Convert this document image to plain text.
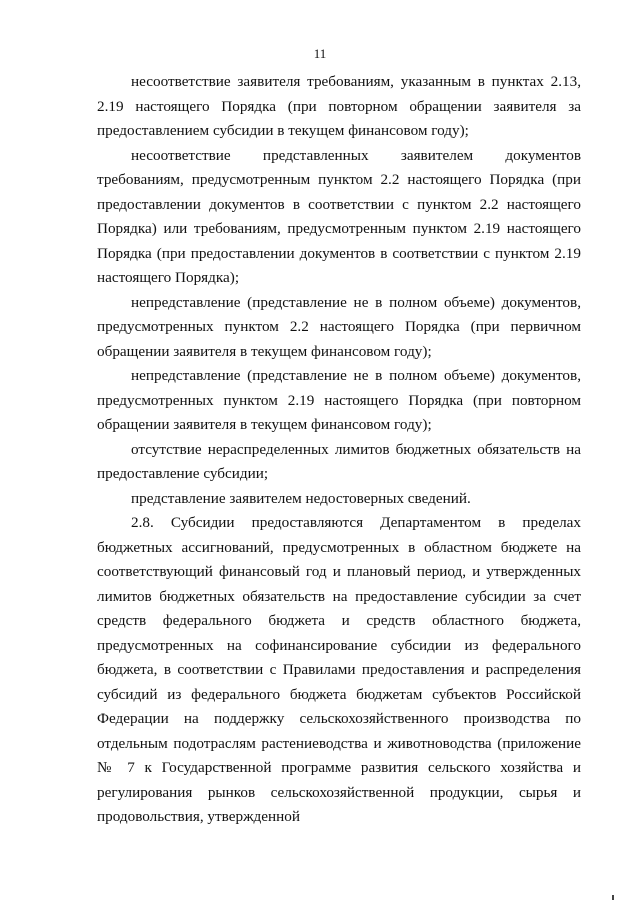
11

несоответствие заявителя требованиям, указанным в пунктах 2.13, 2.19 настоящего Порядка (при повторном обращении заявителя за предоставлением субсидии в текущем финансовом году);

несоответствие представленных заявителем документов требованиям, предусмотренным пунктом 2.2 настоящего Порядка (при предоставлении документов в соответствии с пунктом 2.2 настоящего Порядка) или требованиям, предусмотренным пунктом 2.19 настоящего Порядка (при предоставлении документов в соответствии с пунктом 2.19 настоящего Порядка);

непредставление (представление не в полном объеме) документов, предусмотренных пунктом 2.2 настоящего Порядка (при первичном обращении заявителя в текущем финансовом году);

непредставление (представление не в полном объеме) документов, предусмотренных пунктом 2.19 настоящего Порядка (при повторном обращении заявителя в текущем финансовом году);

отсутствие нераспределенных лимитов бюджетных обязательств на предоставление субсидии;

представление заявителем недостоверных сведений.

2.8. Субсидии предоставляются Департаментом в пределах бюджетных ассигнований, предусмотренных в областном бюджете на соответствующий финансовый год и плановый период, и утвержденных лимитов бюджетных обязательств на предоставление субсидии за счет средств федерального бюджета и средств областного бюджета, предусмотренных на софинансирование субсидии из федерального бюджета, в соответствии с Правилами предоставления и распределения субсидий из федерального бюджета бюджетам субъектов Российской Федерации на поддержку сельскохозяйственного производства по отдельным подотраслям растениеводства и животноводства (приложение № 7 к Государственной программе развития сельского хозяйства и регулирования рынков сельскохозяйственной продукции, сырья и продовольствия, утвержденной
